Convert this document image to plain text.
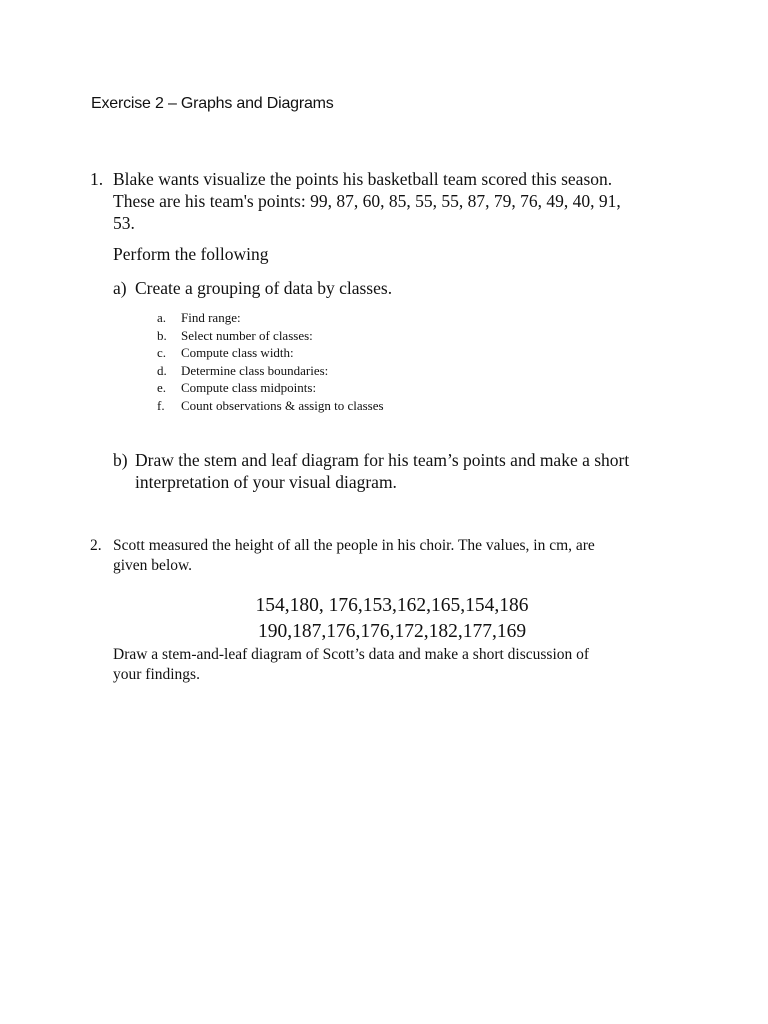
Exercise 2 – Graphs and Diagrams
1. Blake wants visualize the points his basketball team scored this season.
These are his team's points: 99, 87, 60, 85, 55, 55, 87, 79, 76, 49, 40, 91,
53.
Perform the following
a) Create a grouping of data by classes.
a. Find range:
b. Select number of classes:
c. Compute class width:
d. Determine class boundaries:
e. Compute class midpoints:
f. Count observations & assign to classes
b) Draw the stem and leaf diagram for his team’s points and make a short
interpretation of your visual diagram.
2. Scott measured the height of all the people in his choir. The values, in cm, are
given below.
154,180, 176,153,162,165,154,186
190,187,176,176,172,182,177,169
Draw a stem-and-leaf diagram of Scott’s data and make a short discussion of
your findings.
